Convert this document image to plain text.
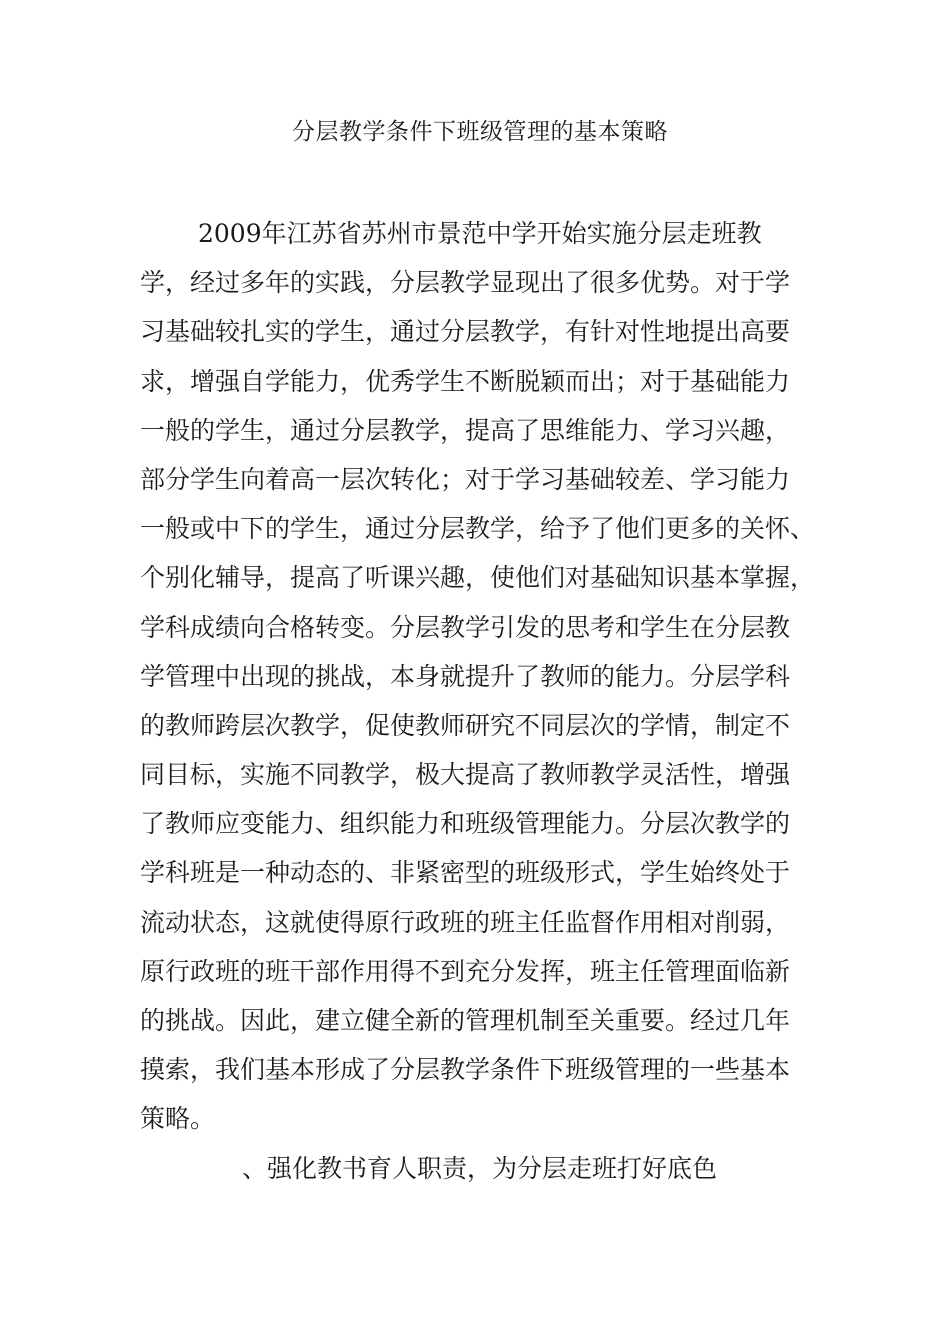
分层教学条件下班级管理的基本策略
2009年江苏省苏州市景范中学开始实施分层走班教
学，经过多年的实践，分层教学显现出了很多优势。对于学
习基础较扎实的学生，通过分层教学，有针对性地提出高要
求，增强自学能力，优秀学生不断脱颖而出；对于基础能力
一般的学生，通过分层教学，提高了思维能力、学习兴趣，
部分学生向着高一层次转化；对于学习基础较差、学习能力
一般或中下的学生，通过分层教学，给予了他们更多的关怀、
个别化辅导，提高了听课兴趣，使他们对基础知识基本掌握，
学科成绩向合格转变。分层教学引发的思考和学生在分层教
学管理中出现的挑战，本身就提升了教师的能力。分层学科
的教师跨层次教学，促使教师研究不同层次的学情，制定不
同目标，实施不同教学，极大提高了教师教学灵活性，增强
了教师应变能力、组织能力和班级管理能力。分层次教学的
学科班是一种动态的、非紧密型的班级形式，学生始终处于
流动状态，这就使得原行政班的班主任监督作用相对削弱，
原行政班的班干部作用得不到充分发挥，班主任管理面临新
的挑战。因此，建立健全新的管理机制至关重要。经过几年
摸索，我们基本形成了分层教学条件下班级管理的一些基本
策略。
、强化教书育人职责，为分层走班打好底色
